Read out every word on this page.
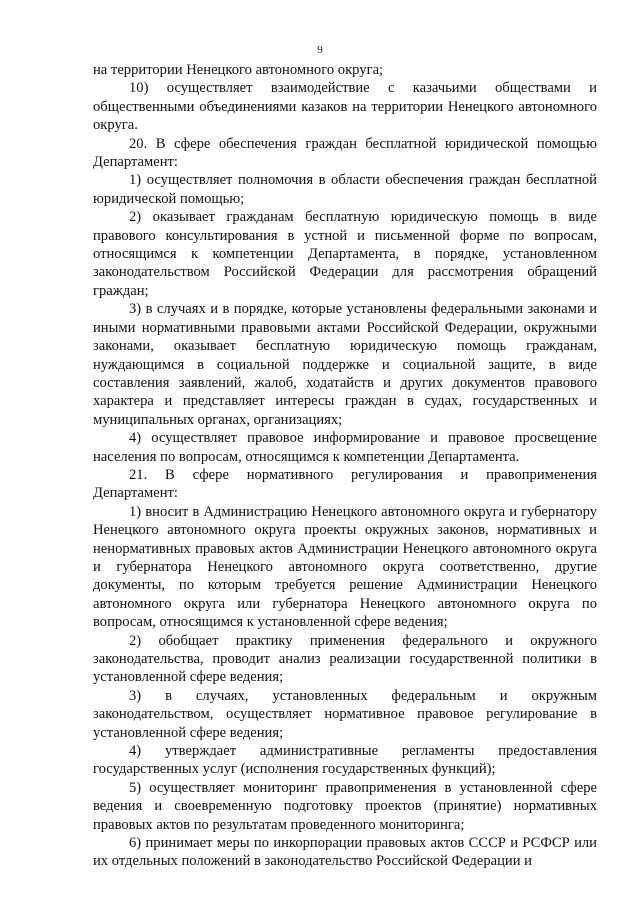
9

на территории Ненецкого автономного округа;

10) осуществляет взаимодействие с казачьими обществами и общественными объединениями казаков на территории Ненецкого автономного округа.

20. В сфере обеспечения граждан бесплатной юридической помощью Департамент:

1) осуществляет полномочия в области обеспечения граждан бесплатной юридической помощью;

2) оказывает гражданам бесплатную юридическую помощь в виде правового консультирования в устной и письменной форме по вопросам, относящимся к компетенции Департамента, в порядке, установленном законодательством Российской Федерации для рассмотрения обращений граждан;

3) в случаях и в порядке, которые установлены федеральными законами и иными нормативными правовыми актами Российской Федерации, окружными законами, оказывает бесплатную юридическую помощь гражданам, нуждающимся в социальной поддержке и социальной защите, в виде составления заявлений, жалоб, ходатайств и других документов правового характера и представляет интересы граждан в судах, государственных и муниципальных органах, организациях;

4) осуществляет правовое информирование и правовое просвещение населения по вопросам, относящимся к компетенции Департамента.

21. В сфере нормативного регулирования и правоприменения Департамент:

1) вносит в Администрацию Ненецкого автономного округа и губернатору Ненецкого автономного округа проекты окружных законов, нормативных и ненормативных правовых актов Администрации Ненецкого автономного округа и губернатора Ненецкого автономного округа соответственно, другие документы, по которым требуется решение Администрации Ненецкого автономного округа или губернатора Ненецкого автономного округа по вопросам, относящимся к установленной сфере ведения;

2) обобщает практику применения федерального и окружного законодательства, проводит анализ реализации государственной политики в установленной сфере ведения;

3) в случаях, установленных федеральным и окружным законодательством, осуществляет нормативное правовое регулирование в установленной сфере ведения;

4) утверждает административные регламенты предоставления государственных услуг (исполнения государственных функций);

5) осуществляет мониторинг правоприменения в установленной сфере ведения и своевременную подготовку проектов (принятие) нормативных правовых актов по результатам проведенного мониторинга;

6) принимает меры по инкорпорации правовых актов СССР и РСФСР или их отдельных положений в законодательство Российской Федерации и
